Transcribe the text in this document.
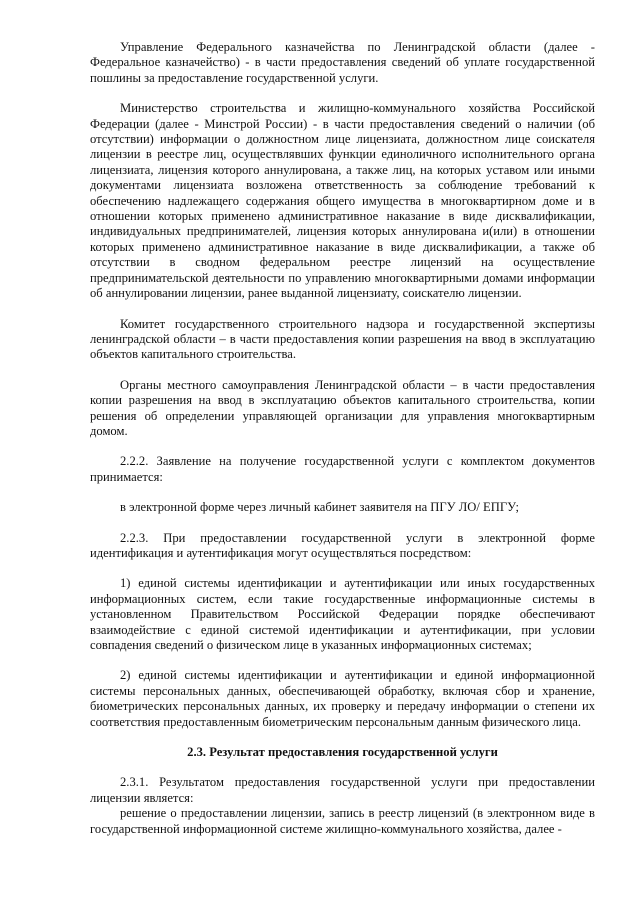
Управление Федерального казначейства по Ленинградской области (далее - Федеральное казначейство) - в части предоставления сведений об уплате государственной пошлины за предоставление государственной услуги.

Министерство строительства и жилищно-коммунального хозяйства Российской Федерации (далее - Минстрой России) - в части предоставления сведений о наличии (об отсутствии) информации о должностном лице лицензиата, должностном лице соискателя лицензии в реестре лиц, осуществлявших функции единоличного исполнительного органа лицензиата, лицензия которого аннулирована, а также лиц, на которых уставом или иными документами лицензиата возложена ответственность за соблюдение требований к обеспечению надлежащего содержания общего имущества в многоквартирном доме и в отношении которых применено административное наказание в виде дисквалификации, индивидуальных предпринимателей, лицензия которых аннулирована и(или) в отношении которых применено административное наказание в виде дисквалификации, а также об отсутствии в сводном федеральном реестре лицензий на осуществление предпринимательской деятельности по управлению многоквартирными домами информации об аннулировании лицензии, ранее выданной лицензиату, соискателю лицензии.

Комитет государственного строительного надзора и государственной экспертизы ленинградской области – в части предоставления копии разрешения на ввод в эксплуатацию объектов капитального строительства.

Органы местного самоуправления Ленинградской области – в части предоставления копии разрешения на ввод в эксплуатацию объектов капитального строительства, копии решения об определении управляющей организации для управления многоквартирным домом.

2.2.2. Заявление на получение государственной услуги с комплектом документов принимается:

в электронной форме через личный кабинет заявителя на ПГУ ЛО/ ЕПГУ;

2.2.3. При предоставлении государственной услуги в электронной форме идентификация и аутентификация могут осуществляться посредством:

1) единой системы идентификации и аутентификации или иных государственных информационных систем, если такие государственные информационные системы в установленном Правительством Российской Федерации порядке обеспечивают взаимодействие с единой системой идентификации и аутентификации, при условии совпадения сведений о физическом лице в указанных информационных системах;

2) единой системы идентификации и аутентификации и единой информационной системы персональных данных, обеспечивающей обработку, включая сбор и хранение, биометрических персональных данных, их проверку и передачу информации о степени их соответствия предоставленным биометрическим персональным данным физического лица.

2.3. Результат предоставления государственной услуги

2.3.1. Результатом предоставления государственной услуги при предоставлении лицензии является:

решение о предоставлении лицензии, запись в реестр лицензий (в электронном виде в государственной информационной системе жилищно-коммунального хозяйства, далее -
